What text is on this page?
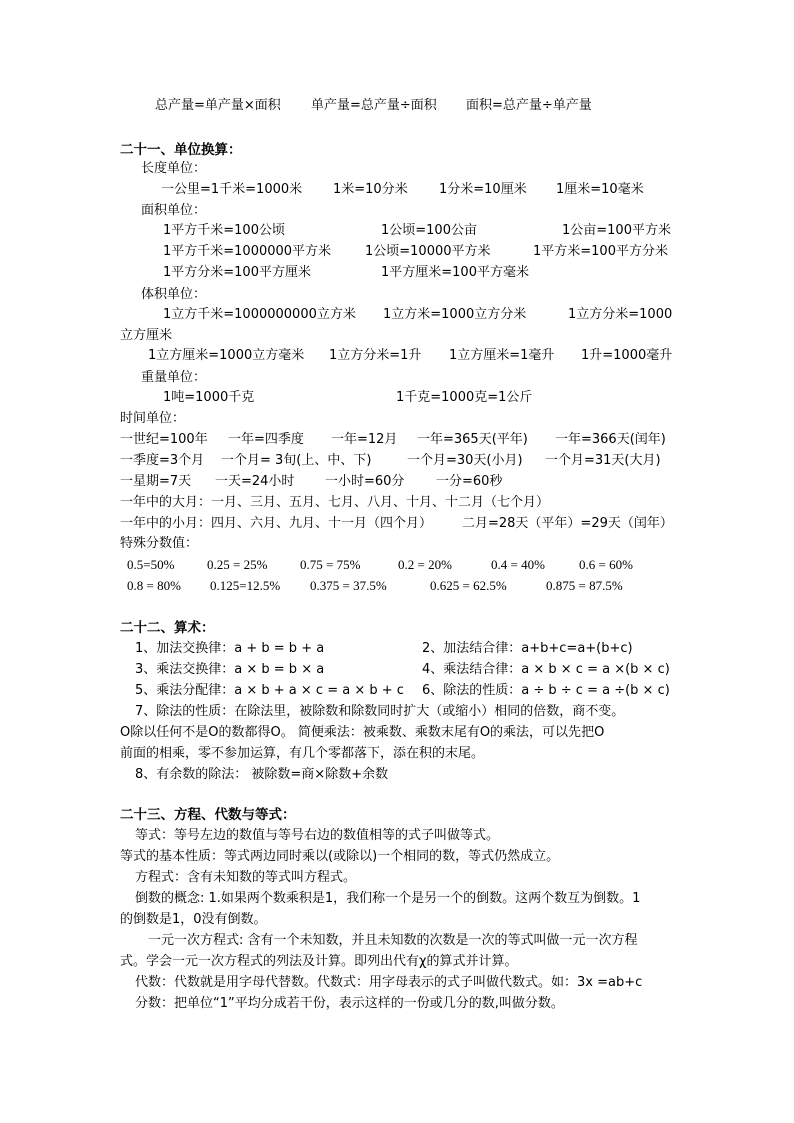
总产量=单产量×面积 单产量=总产量÷面积 面积=总产量÷单产量
二十一、单位换算：
长度单位：
一公里=1千米=1000米 1米=10分米 1分米=10厘米 1厘米=10毫米
面积单位：
1平方千米=100公顷	1公顷=100公亩	1公亩=100平方米
1平方千米=1000000平方米	1公顷=10000平方米	1平方米=100平方分米
1平方分米=100平方厘米	1平方厘米=100平方毫米
体积单位：
1立方千米=1000000000立方米 1立方米=1000立方分米	1立方分米=1000
立方厘米
1立方厘米=1000立方毫米 1立方分米=1升 1立方厘米=1毫升 1升=1000毫升
重量单位：
1吨=1000千克	1千克=1000克=1公斤
时间单位：
一世纪=100年 一年=四季度 一年=12月 一年=365天(平年) 一年=366天(闰年)
一季度=3个月 一个月= 3旬(上、中、下)	一个月=30天(小月) 一个月=31天(大月)
一星期=7天 一天=24小时 一小时=60分 一分=60秒
一年中的大月：一月、三月、五月、七月、八月、十月、十二月（七个月）
一年中的小月：四月、六月、九月、十一月（四个月） 二月=28天（平年）=29天（闰年）
特殊分数值：
0.5=50%	0.25 = 25%	0.75 = 75%	0.2 = 20%	0.4 = 40%	0.6 = 60%
0.8 = 80% 0.125=12.5% 0.375 = 37.5%	0.625 = 62.5%	0.875 = 87.5%
二十二、算术：
1、加法交换律：a + b = b + a	2、加法结合律：a+b+c=a+(b+c)
3、乘法交换律：a × b = b × a	4、乘法结合律：a × b × c = a ×(b × c)
5、乘法分配律：a × b + a × c = a × b + c 6、除法的性质：a ÷ b ÷ c = a ÷(b × c)
7、除法的性质：在除法里，被除数和除数同时扩大（或缩小）相同的倍数，商不变。
O除以任何不是O的数都得O。 简便乘法：被乘数、乘数末尾有O的乘法，可以先把O
前面的相乘，零不参加运算，有几个零都落下，添在积的末尾。
8、有余数的除法： 被除数=商×除数+余数
二十三、方程、代数与等式：
等式：等号左边的数值与等号右边的数值相等的式子叫做等式。
等式的基本性质：等式两边同时乘以(或除以)一个相同的数，等式仍然成立。
方程式：含有未知数的等式叫方程式。
倒数的概念: 1.如果两个数乘积是1，我们称一个是另一个的倒数。这两个数互为倒数。1
的倒数是1，0没有倒数。
一元一次方程式: 含有一个未知数，并且未知数的次数是一次的等式叫做一元一次方程
式。学会一元一次方程式的列法及计算。即列出代有χ的算式并计算。
代数：代数就是用字母代替数。代数式：用字母表示的式子叫做代数式。如：3x =ab+c
分数：把单位“1”平均分成若干份，表示这样的一份或几分的数,叫做分数。
